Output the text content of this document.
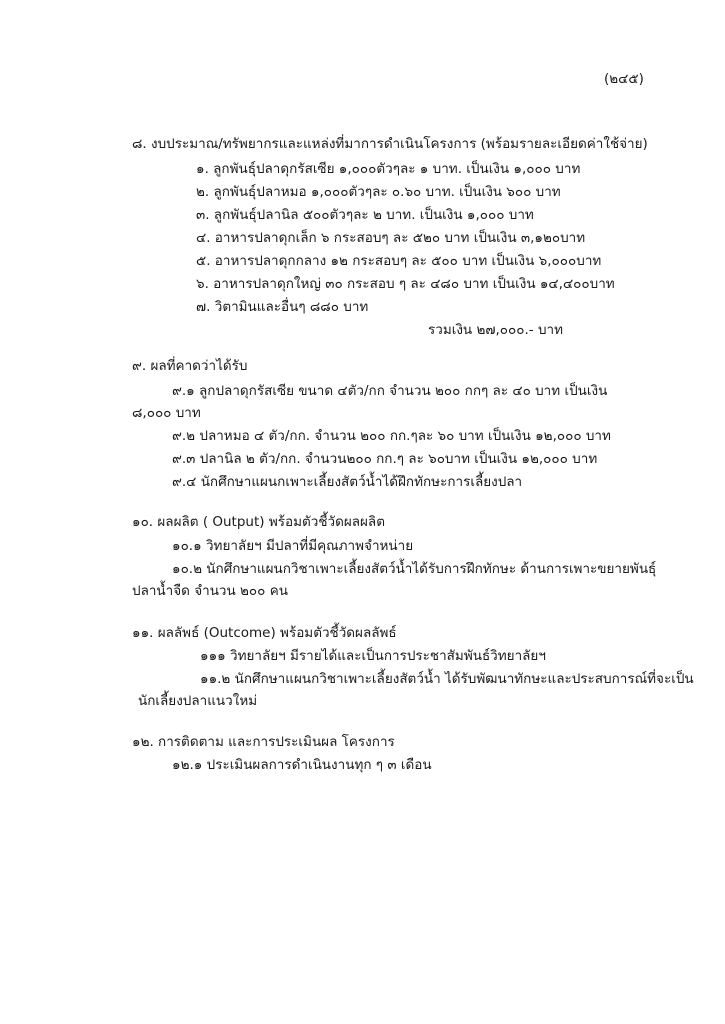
(๒๔๕)
๘. งบประมาณ/ทรัพยากรและแหล่งที่มาการดำเนินโครงการ (พร้อมรายละเอียดค่าใช้จ่าย)
๑. ลูกพันธุ์ปลาดุกรัสเซีย ๑,๐๐๐ตัวๆละ ๑ บาท. เป็นเงิน ๑,๐๐๐ บาท
๒. ลูกพันธุ์ปลาหมอ ๑,๐๐๐ตัวๆละ ๐.๖๐ บาท. เป็นเงิน ๖๐๐ บาท
๓. ลูกพันธุ์ปลานิล ๕๐๐ตัวๆละ ๒ บาท. เป็นเงิน ๑,๐๐๐ บาท
๔. อาหารปลาดุกเล็ก ๖ กระสอบๆ ละ ๕๒๐ บาท เป็นเงิน ๓,๑๒๐บาท
๕. อาหารปลาดุกกลาง ๑๒ กระสอบๆ ละ ๕๐๐ บาท เป็นเงิน ๖,๐๐๐บาท
๖. อาหารปลาดุกใหญ่ ๓๐ กระสอบ ๆ ละ ๔๘๐ บาท เป็นเงิน ๑๔,๔๐๐บาท
๗. วิตามินและอื่นๆ ๘๘๐ บาท
รวมเงิน ๒๗,๐๐๐.- บาท
๙. ผลที่คาดว่าได้รับ
๙.๑ ลูกปลาดุกรัสเซีย ขนาด ๔ตัว/กก จำนวน ๒๐๐ กกๆ ละ ๔๐ บาท เป็นเงิน
๘,๐๐๐ บาท
๙.๒ ปลาหมอ ๔ ตัว/กก. จำนวน ๒๐๐ กก.ๆละ ๖๐ บาท เป็นเงิน ๑๒,๐๐๐ บาท
๙.๓ ปลานิล ๒ ตัว/กก. จำนวน๒๐๐ กก.ๆ ละ ๖๐บาท เป็นเงิน ๑๒,๐๐๐ บาท
๙.๔ นักศึกษาแผนกเพาะเลี้ยงสัตว์น้ำได้ฝึกทักษะการเลี้ยงปลา
๑๐. ผลผลิต ( Output) พร้อมตัวชี้วัดผลผลิต
๑๐.๑ วิทยาลัยฯ มีปลาที่มีคุณภาพจำหน่าย
๑๐.๒ นักศึกษาแผนกวิชาเพาะเลี้ยงสัตว์น้ำได้รับการฝึกทักษะ ด้านการเพาะขยายพันธุ์
ปลาน้ำจืด จำนวน ๒๐๐ คน
๑๑. ผลลัพธ์ (Outcome) พร้อมตัวชี้วัดผลลัพธ์
๑๑๑ วิทยาลัยฯ มีรายได้และเป็นการประชาสัมพันธ์วิทยาลัยฯ
๑๑.๒ นักศึกษาแผนกวิชาเพาะเลี้ยงสัตว์น้ำ ได้รับพัฒนาทักษะและประสบการณ์ที่จะเป็น
นักเลี้ยงปลาแนวใหม่
๑๒. การติดตาม และการประเมินผล โครงการ
๑๒.๑ ประเมินผลการดำเนินงานทุก ๆ ๓ เดือน
